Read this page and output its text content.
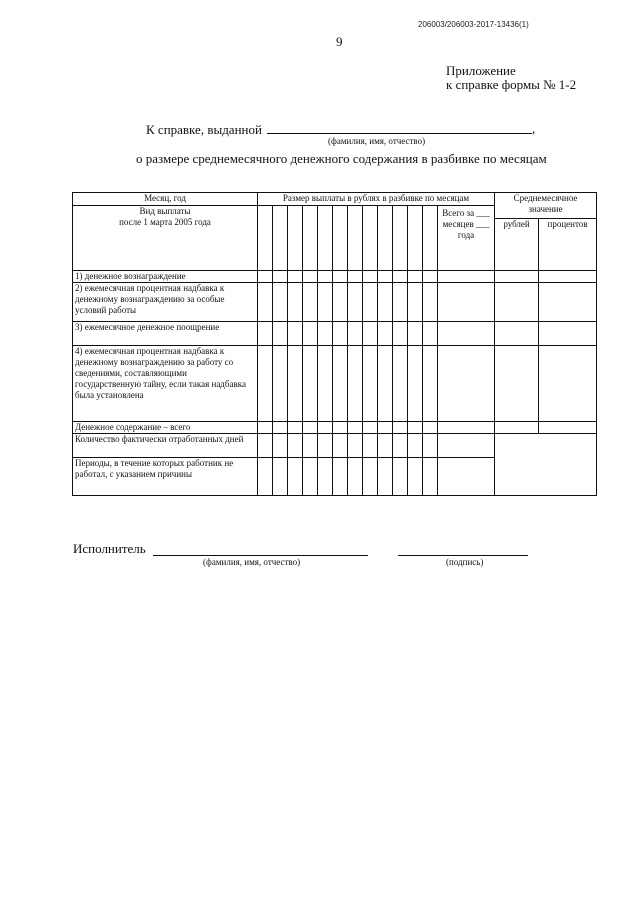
206003/206003-2017-13436(1)
9
Приложение
к справке формы № 1-2
К справке, выданной	,
(фамилия, имя, отчество)
о размере среднемесячного денежного содержания в разбивке по месяцам
Месяц, год	Размер выплаты в рублях в разбивке по месяцам													Среднемесячное значение	

Вид выплаты
после 1 марта 2005 года													Всего за ___ месяцев ___ года		
														рублей	процентов

1) денежное вознаграждение															
2) ежемесячная процентная надбавка к денежному вознаграждению за особые условий работы															
3) ежемесячное денежное поощрение															
4) ежемесячная процентная надбавка к денежному вознаграждению за работу со сведениями, составляющими государственную тайну, если такая надбавка была установлена															
Денежное содержание – всего															
Количество фактически отработанных дней															
Периоды, в течение которых работник не работал, с указанием причины															
Исполнитель
(фамилия, имя, отчество)	(подпись)
